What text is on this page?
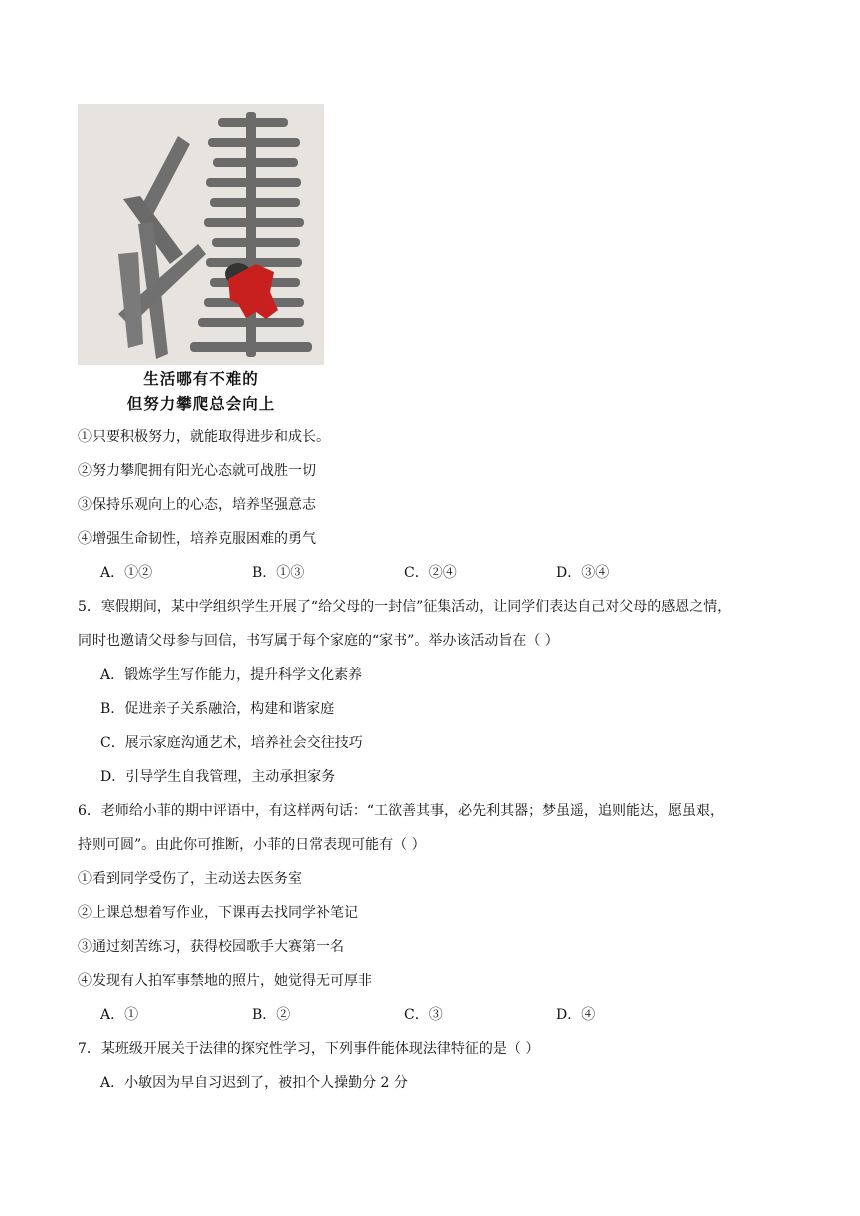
生活哪有不难的
但努力攀爬总会向上
①只要积极努力，就能取得进步和成长。
②努力攀爬拥有阳光心态就可战胜一切
③保持乐观向上的心态，培养坚强意志
④增强生命韧性，培养克服困难的勇气
A．①②	B．①③	C．②④	D．③④
5．寒假期间，某中学组织学生开展了“给父母的一封信”征集活动，让同学们表达自己对父母的感恩之情，
同时也邀请父母参与回信，书写属于每个家庭的“家书”。举办该活动旨在（ ）
A．锻炼学生写作能力，提升科学文化素养
B．促进亲子关系融洽，构建和谐家庭
C．展示家庭沟通艺术，培养社会交往技巧
D．引导学生自我管理，主动承担家务
6．老师给小菲的期中评语中，有这样两句话：“工欲善其事，必先利其器；梦虽遥，追则能达，愿虽艰，
持则可圆”。由此你可推断，小菲的日常表现可能有（ ）
①看到同学受伤了，主动送去医务室
②上课总想着写作业，下课再去找同学补笔记
③通过刻苦练习，获得校园歌手大赛第一名
④发现有人拍军事禁地的照片，她觉得无可厚非
A．①	B．②	C．③	D．④
7．某班级开展关于法律的探究性学习，下列事件能体现法律特征的是（ ）
A．小敏因为早自习迟到了，被扣个人操勤分 2 分
